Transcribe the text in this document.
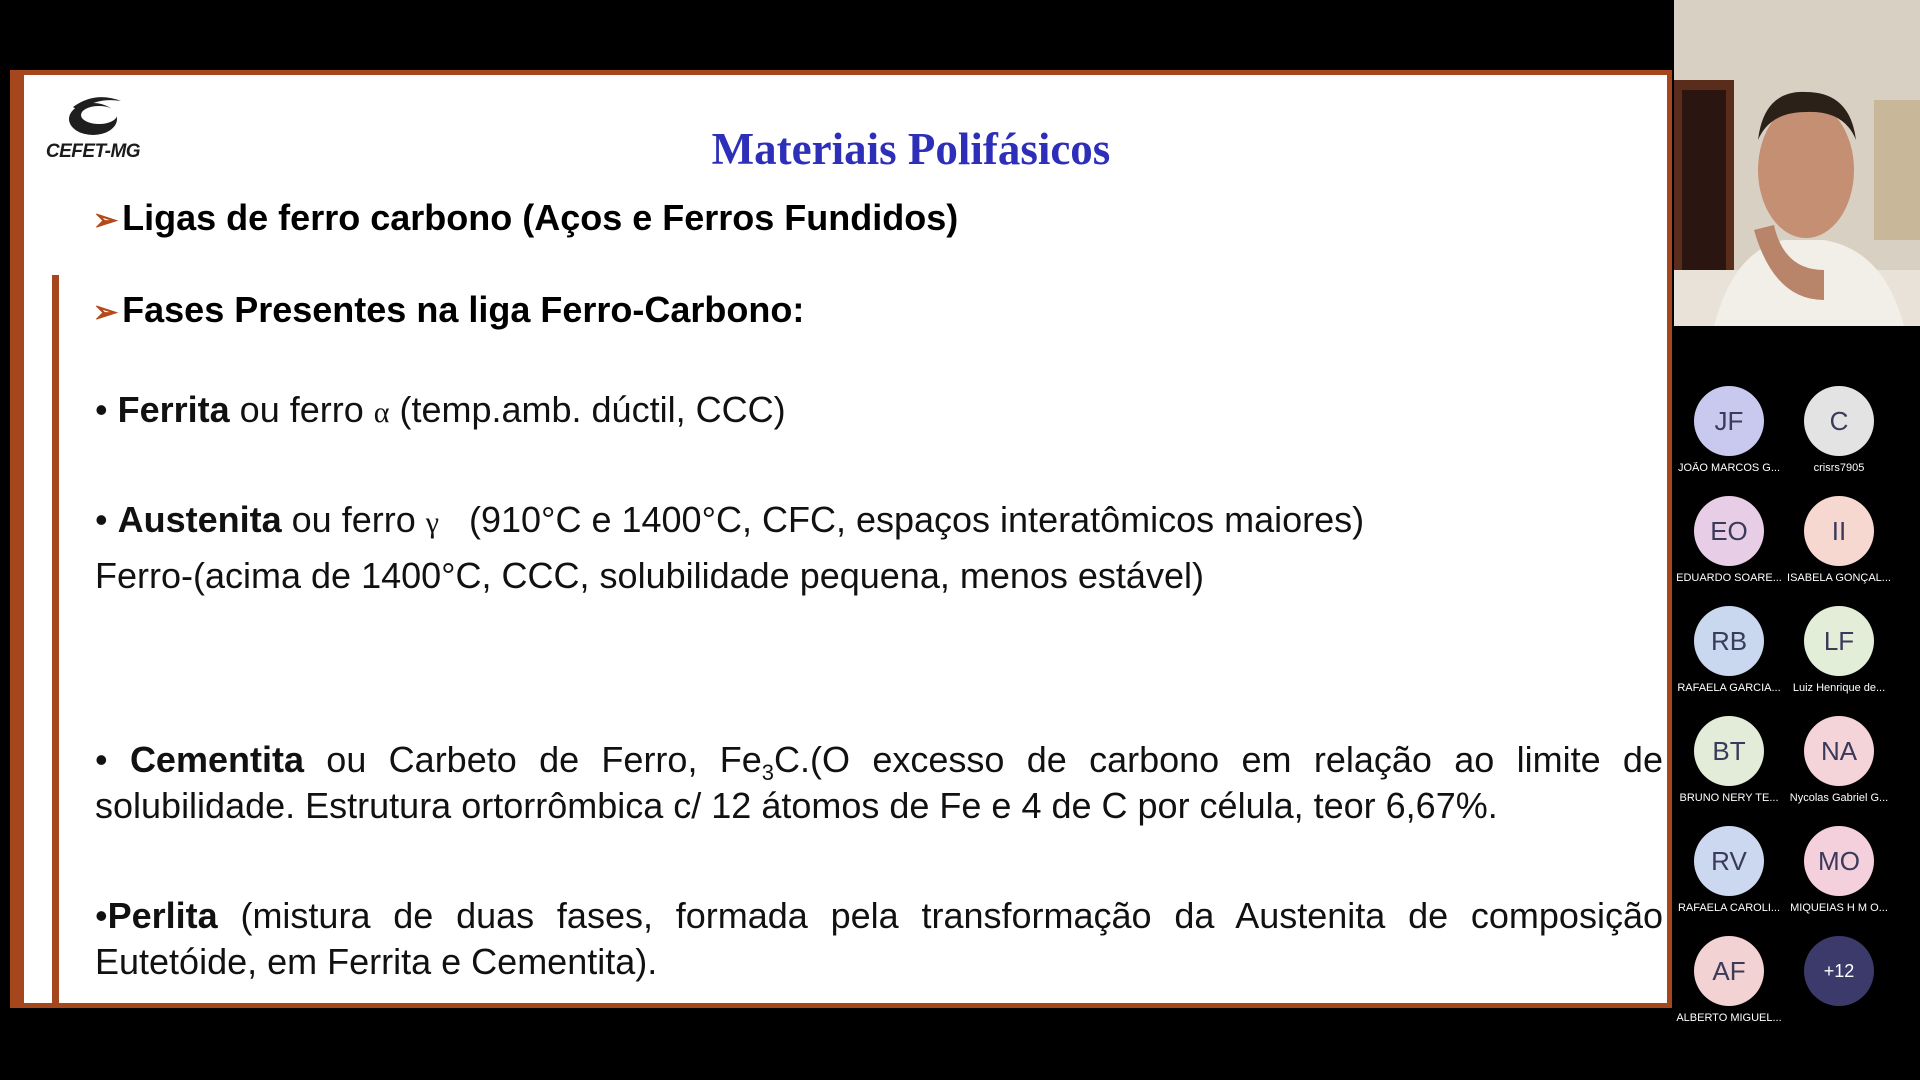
CEFET-MG	Materiais Polifásicos
➢ Ligas de ferro carbono (Aços e Ferros Fundidos)
➢ Fases Presentes na liga Ferro-Carbono:
• Ferrita ou ferro α (temp.amb. dúctil, CCC)
• Austenita ou ferro γ   (910°C e 1400°C, CFC, espaços interatômicos maiores)
Ferro-(acima de 1400°C, CCC, solubilidade pequena, menos estável)
• Cementita ou Carbeto de Ferro, $Fe_3C.(O$ excesso de carbono em relação ao limite de solubilidade. Estrutura ortorrômbica c/ 12 átomos de Fe e 4 de C por célula, teor 6,67%.
•Perlita (mistura de duas fases, formada pela transformação da Austenita de composição Eutetóide, em Ferrita e Cementita).
JF
JOÃO MARCOS G...
C
crisrs7905
EO
EDUARDO SOARE...
II
ISABELA GONÇAL...
RB
RAFAELA GARCIA...
LF
Luiz Henrique de...
BT
BRUNO NERY TE...
NA
Nycolas Gabriel G...
RV
RAFAELA CAROLI...
MO
MIQUEIAS H M O...
AF
ALBERTO MIGUEL...
+12
